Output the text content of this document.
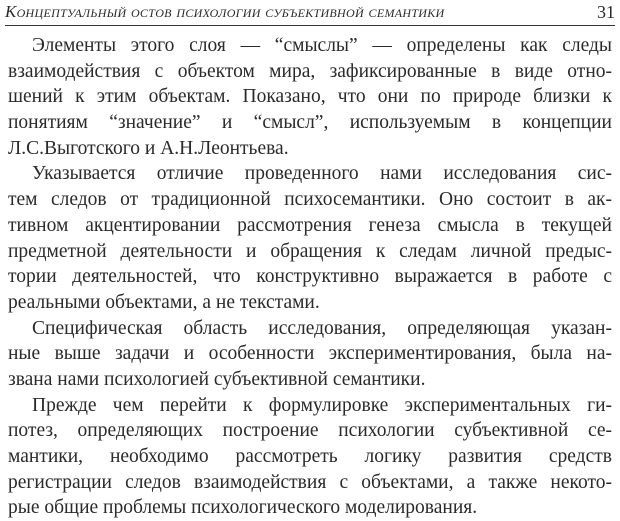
Концептуальный остов психологии субъективной семантики	31
Элементы этого слоя — “смыслы” — определены как следы
взаимодействия с объектом мира, зафиксированные в виде отно-
шений к этим объектам. Показано, что они по природе близки к
понятиям “значение” и “смысл”, используемым в концепции
Л.С.Выготского и А.Н.Леонтьева.
Указывается отличие проведенного нами исследования сис-
тем следов от традиционной психосемантики. Оно состоит в ак-
тивном акцентировании рассмотрения генеза смысла в текущей
предметной деятельности и обращения к следам личной предыс-
тории деятельностей, что конструктивно выражается в работе с
реальными объектами, а не текстами.
Специфическая область исследования, определяющая указан-
ные выше задачи и особенности экспериментирования, была на-
звана нами психологией субъективной семантики.
Прежде чем перейти к формулировке экспериментальных ги-
потез, определяющих построение психологии субъективной се-
мантики, необходимо рассмотреть логику развития средств
регистрации следов взаимодействия с объектами, а также некото-
рые общие проблемы психологического моделирования.
